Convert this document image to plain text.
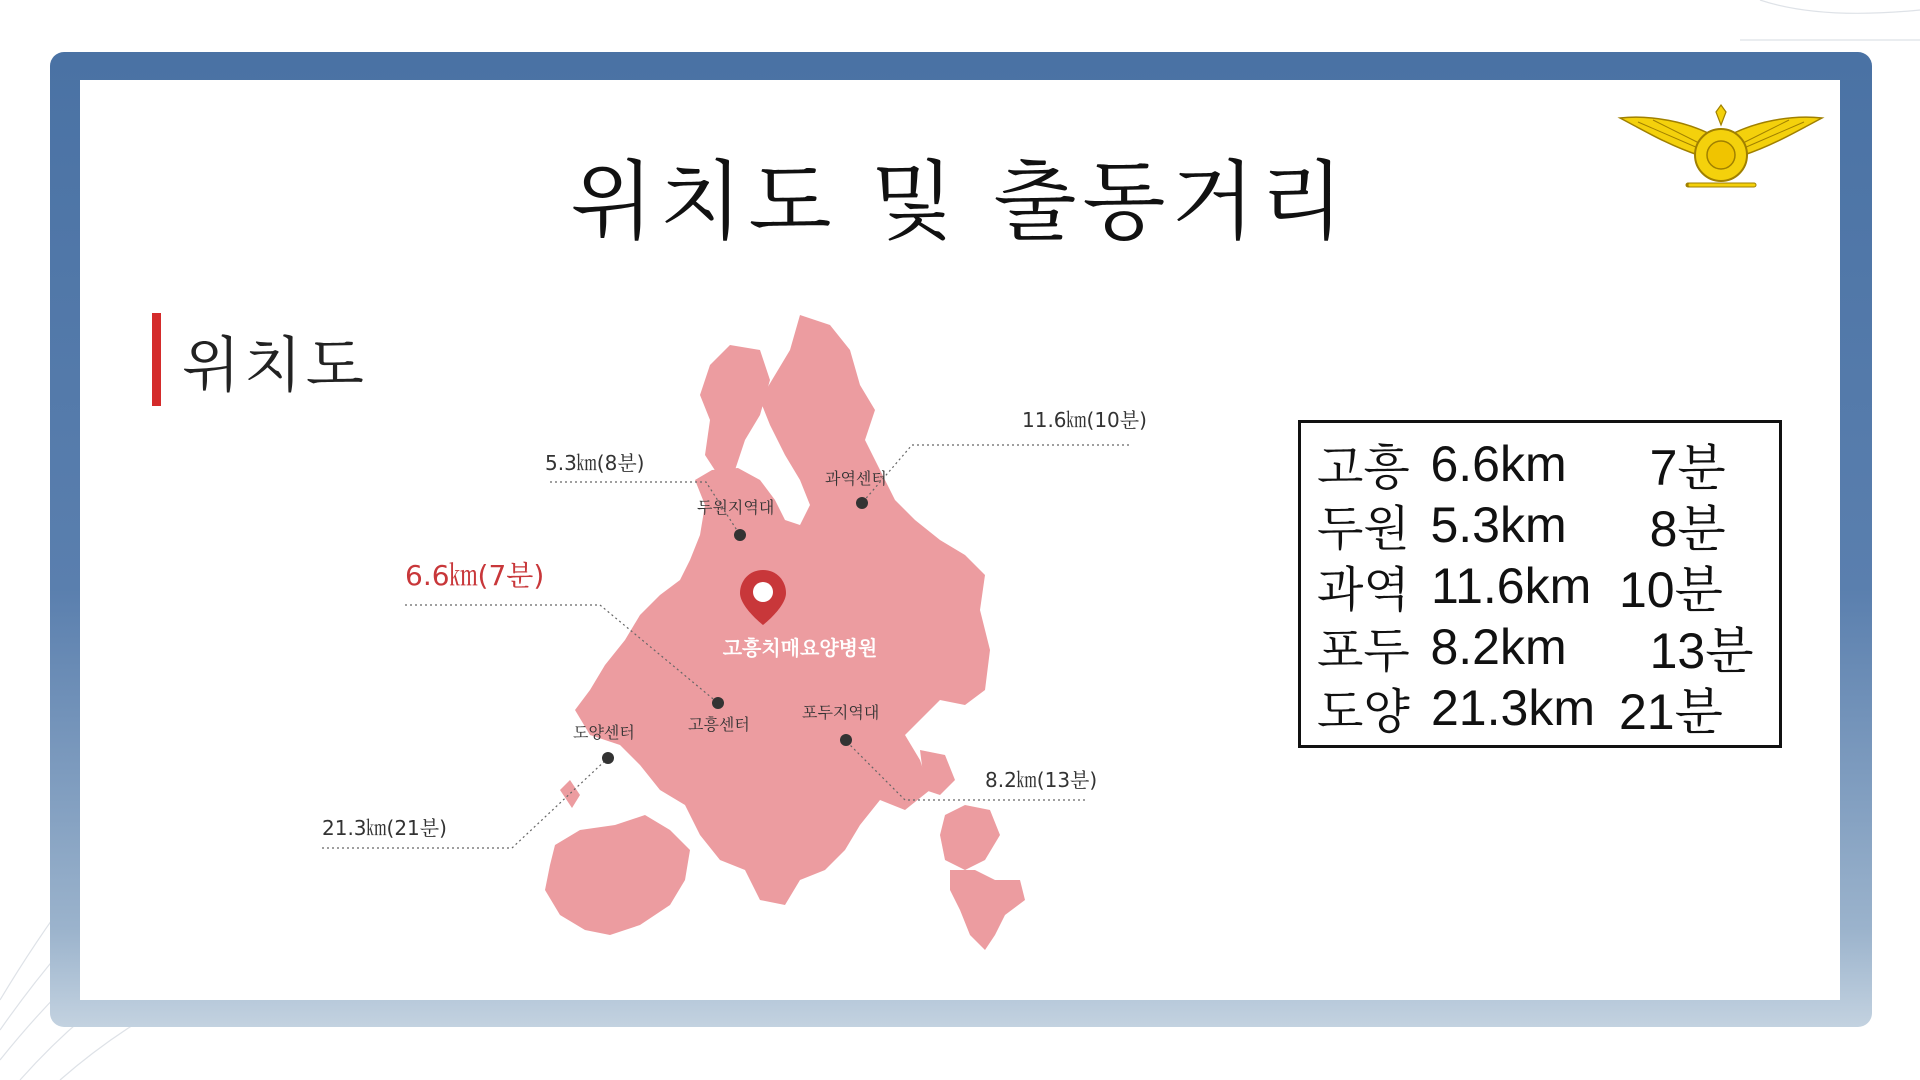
위치도 및 출동거리
위치도
고흥치매요양병원
두원지역대
과역센터
고흥센터
포두지역대
도양센터
5.3㎞(8분)
11.6㎞(10분)
6.6㎞(7분)
8.2㎞(13분)
21.3㎞(21분)
고흥 6.6km	7분
두원 5.3km	8분
과역 11.6km 10분
포두 8.2km	13분
도양 21.3km 21분
